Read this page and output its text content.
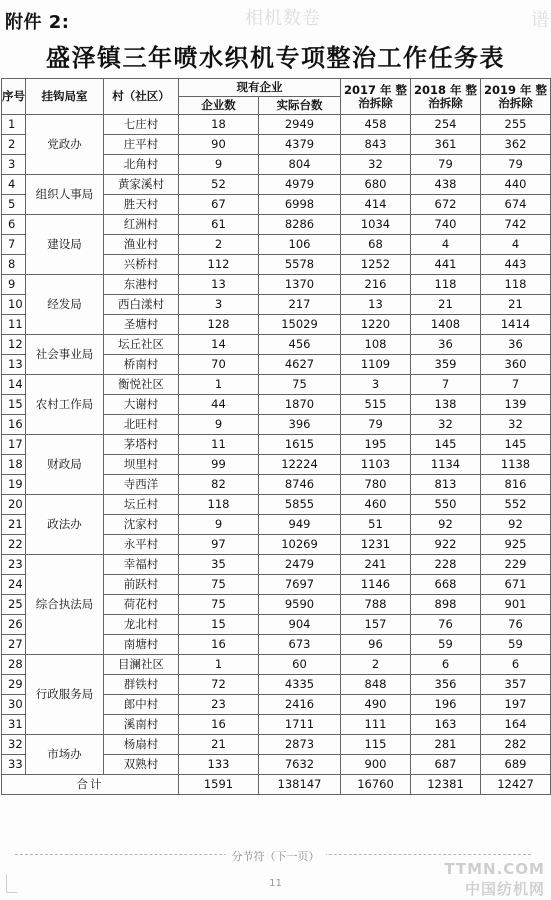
附件 2:	相机数卷	谱
盛泽镇三年喷水织机专项整治工作任务表
序号	挂钩局室	村（社区）	现有企业		2017 年 整治拆除	2018 年 整治拆除	2019 年 整治拆除
			企业数	实际台数			
1	党政办	七庄村	18	2949	458	254	255
2		庄平村	90	4379	843	361	362
3		北角村	9	804	32	79	79
4	组织人事局	黄家溪村	52	4979	680	438	440
5		胜天村	67	6998	414	672	674
6	建设局	红洲村	61	8286	1034	740	742
7		渔业村	2	106	68	4	4
8		兴桥村	112	5578	1252	441	443
9	经发局	东港村	13	1370	216	118	118
10		西白漾村	3	217	13	21	21
11		圣塘村	128	15029	1220	1408	1414
12	社会事业局	坛丘社区	14	456	108	36	36
13		桥南村	70	4627	1109	359	360
14	农村工作局	衡悦社区	1	75	3	7	7
15		大谢村	44	1870	515	138	139
16		北旺村	9	396	79	32	32
17	财政局	茅塔村	11	1615	195	145	145
18		坝里村	99	12224	1103	1134	1138
19		寺西洋	82	8746	780	813	816
20	政法办	坛丘村	118	5855	460	550	552
21		沈家村	9	949	51	92	92
22		永平村	97	10269	1231	922	925
23	综合执法局	幸福村	35	2479	241	228	229
24		前跃村	75	7697	1146	668	671
25		荷花村	75	9590	788	898	901
26		龙北村	15	904	157	76	76
27		南塘村	16	673	96	59	59
28	行政服务局	目澜社区	1	60	2	6	6
29		群铁村	72	4335	848	356	357
30		郎中村	23	2416	490	196	197
31		溪南村	16	1711	111	163	164
32	市场办	杨扇村	21	2873	115	281	282
33		双熟村	133	7632	900	687	689
合计			1591	138147	16760	12381	12427
分节符（下一页）
11
TTMN.COM
中国纺机网
